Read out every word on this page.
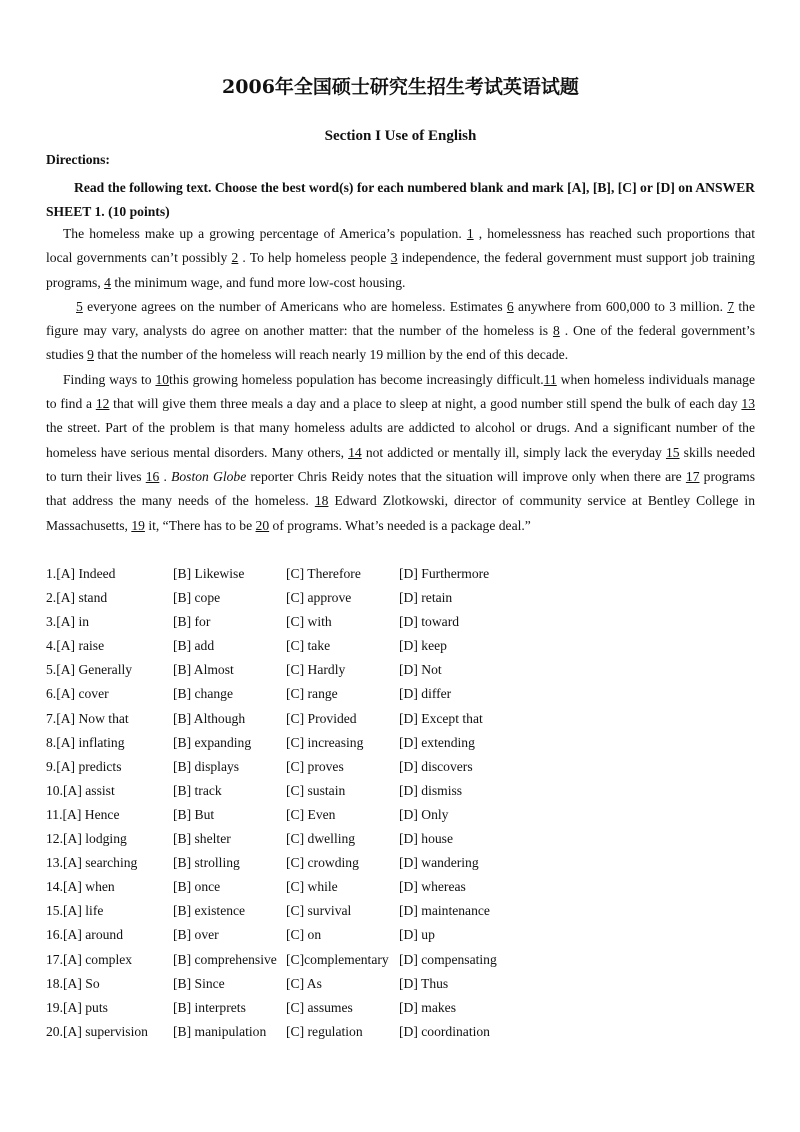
2006年全国硕士研究生招生考试英语试题
Section I Use of English
Directions:
Read the following text. Choose the best word(s) for each numbered blank and mark [A], [B], [C] or [D] on ANSWER SHEET 1. (10 points)

The homeless make up a growing percentage of America’s population. 1 , homelessness has reached such proportions that local governments can’t possibly 2 . To help homeless people 3 independence, the federal government must support job training programs, 4 the minimum wage, and fund more low-cost housing.

5 everyone agrees on the number of Americans who are homeless. Estimates 6 anywhere from 600,000 to 3 million. 7 the figure may vary, analysts do agree on another matter: that the number of the homeless is 8 . One of the federal government’s studies 9 that the number of the homeless will reach nearly 19 million by the end of this decade.

Finding ways to 10this growing homeless population has become increasingly difficult.11 when homeless individuals manage to find a 12 that will give them three meals a day and a place to sleep at night, a good number still spend the bulk of each day 13 the street. Part of the problem is that many homeless adults are addicted to alcohol or drugs. And a significant number of the homeless have serious mental disorders. Many others, 14 not addicted or mentally ill, simply lack the everyday 15 skills needed to turn their lives 16 . Boston Globe reporter Chris Reidy notes that the situation will improve only when there are 17 programs that address the many needs of the homeless. 18 Edward Zlotkowski, director of community service at Bentley College in Massachusetts, 19 it, “There has to be 20 of programs. What’s needed is a package deal.”

1.[A] Indeed	[B] Likewise	[C] Therefore	[D] Furthermore
2.[A] stand	[B] cope	[C] approve	[D] retain
3.[A] in	[B] for	[C] with	[D] toward
4.[A] raise	[B] add	[C] take	[D] keep
5.[A] Generally	[B] Almost	[C] Hardly	[D] Not
6.[A] cover	[B] change	[C] range	[D] differ
7.[A] Now that	[B] Although	[C] Provided	[D] Except that
8.[A] inflating	[B] expanding	[C] increasing	[D] extending
9.[A] predicts	[B] displays	[C] proves	[D] discovers
10.[A] assist	[B] track	[C] sustain	[D] dismiss
11.[A] Hence	[B] But	[C] Even	[D] Only
12.[A] lodging	[B] shelter	[C] dwelling	[D] house
13.[A] searching	[B] strolling	[C] crowding	[D] wandering
14.[A] when	[B] once	[C] while	[D] whereas
15.[A] life	[B] existence	[C] survival	[D] maintenance
16.[A] around	[B] over	[C] on	[D] up
17.[A] complex	[B] comprehensive [C]complementary [D] compensating
18.[A] So	[B] Since	[C] As	[D] Thus
19.[A] puts	[B] interprets	[C] assumes	[D] makes
20.[A] supervision [B] manipulation [C] regulation	[D] coordination
